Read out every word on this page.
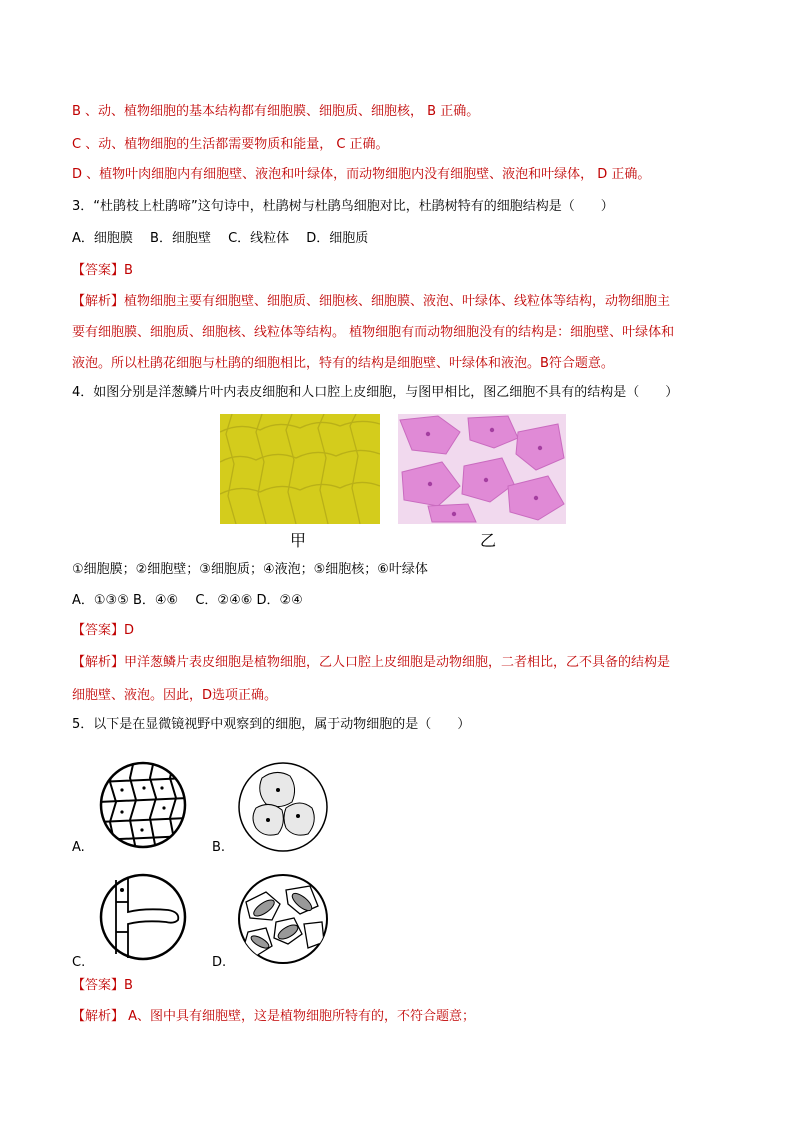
B 、动、植物细胞的基本结构都有细胞膜、细胞质、细胞核， B 正确。
C 、动、植物细胞的生活都需要物质和能量， C 正确。
D 、植物叶肉细胞内有细胞壁、液泡和叶绿体，而动物细胞内没有细胞壁、液泡和叶绿体， D 正确。
3．“杜鹃枝上杜鹃啼”这句诗中，杜鹃树与杜鹃鸟细胞对比，杜鹃树特有的细胞结构是（　　）
A．细胞膜　 B．细胞壁　 C．线粒体　 D．细胞质
【答案】B
【解析】植物细胞主要有细胞壁、细胞质、细胞核、细胞膜、液泡、叶绿体、线粒体等结构，动物细胞主
要有细胞膜、细胞质、细胞核、线粒体等结构。 植物细胞有而动物细胞没有的结构是：细胞壁、叶绿体和
液泡。所以杜鹃花细胞与杜鹃的细胞相比，特有的结构是细胞壁、叶绿体和液泡。B符合题意。
4．如图分别是洋葱鳞片叶内表皮细胞和人口腔上皮细胞，与图甲相比，图乙细胞不具有的结构是（　　）
甲	乙
①细胞膜；②细胞壁；③细胞质；④液泡；⑤细胞核；⑥叶绿体
A．①③⑤ B．④⑥　 C．②④⑥ D．②④
【答案】D
【解析】甲洋葱鳞片表皮细胞是植物细胞，乙人口腔上皮细胞是动物细胞，二者相比，乙不具备的结构是
细胞壁、液泡。因此，D选项正确。
5．以下是在显微镜视野中观察到的细胞，属于动物细胞的是（　　）
A.	B.
C.	D.
【答案】B
【解析】 A、图中具有细胞壁，这是植物细胞所特有的，不符合题意；
